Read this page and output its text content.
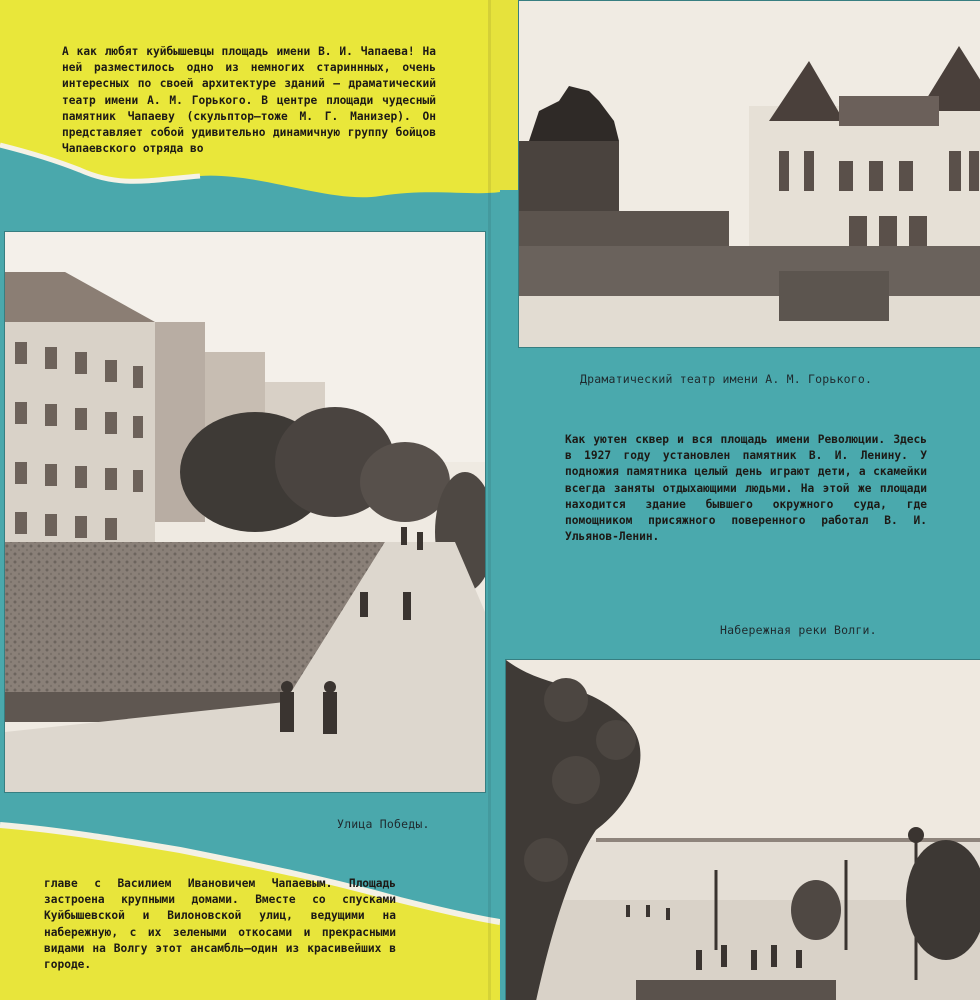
А как любят куйбышевцы площадь имени В. И. Чапаева! На ней разместилось одно из немногих стариннных, очень интересных по своей архитектуре зданий — драматический театр имени А. М. Горького. В центре площади чудесный памятник Чапаеву (скульптор—тоже М. Г. Манизер). Он представляет собой удивительно динамичную группу бойцов Чапаевского отряда во

Улица Победы.

главе с Василием Ивановичем Чапаевым. Площадь застроена крупными домами. Вместе со спусками Куйбышевской и Вилоновской улиц, ведущими на набережную, с их зелеными откосами и прекрасными видами на Волгу этот ансамбль—один из красивейших в городе.

Драматический театр имени А. М. Горького.

Как уютен сквер и вся площадь имени Революции. Здесь в 1927 году установлен памятник В. И. Ленину. У подножия памятника целый день играют дети, а скамейки всегда заняты отдыхающими людьми. На этой же площади находится здание бывшего окружного суда, где помощником присяжного поверенного работал В. И. Ульянов-Ленин.

Набережная реки Волги.
